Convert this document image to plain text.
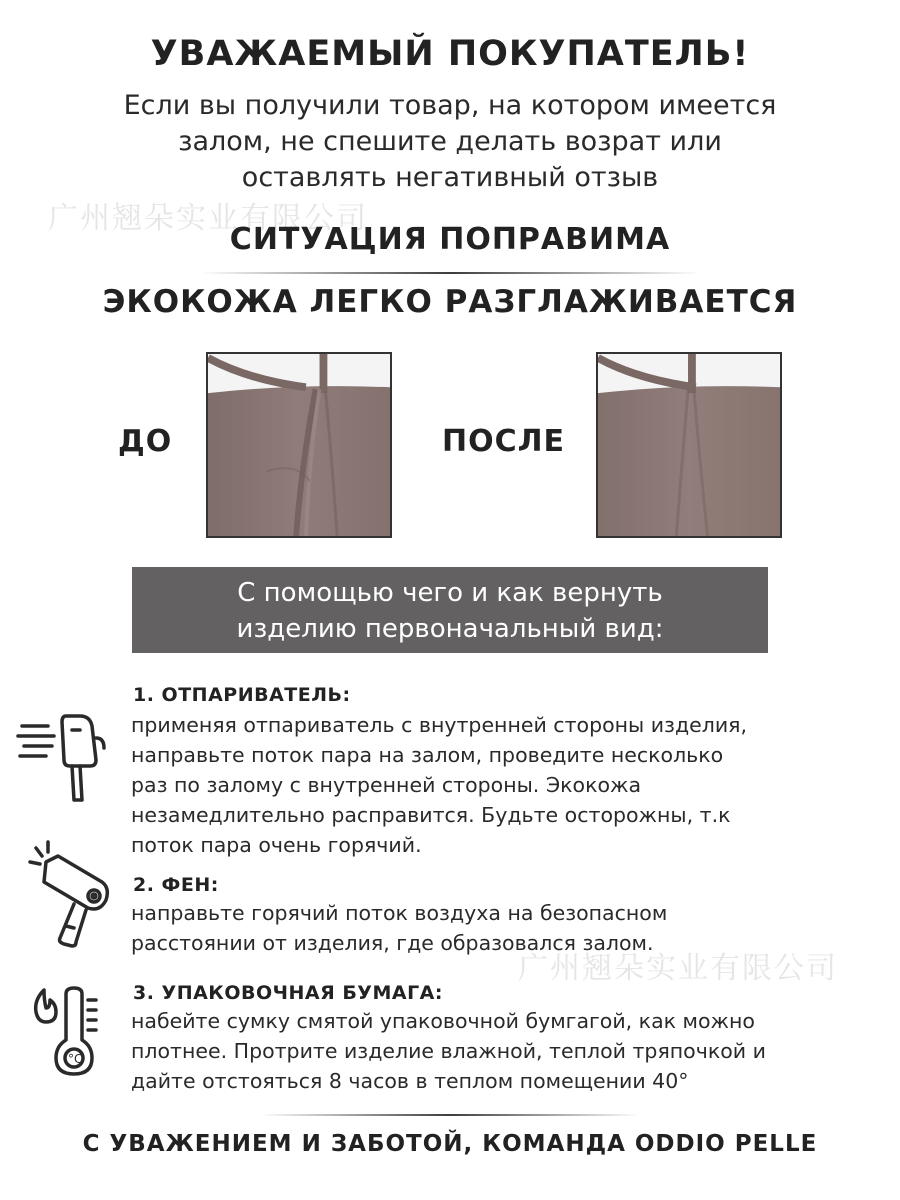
广州翘朵实业有限公司
广州翘朵实业有限公司
УВАЖАЕМЫЙ ПОКУПАТЕЛЬ!
Если вы получили товар, на котором имеется
залом, не спешите делать возрат или
оставлять негативный отзыв
СИТУАЦИЯ ПОПРАВИМА
ЭКОКОЖА ЛЕГКО РАЗГЛАЖИВАЕТСЯ
ДО	ПОСЛЕ
С помощью чего и как вернуть
изделию первоначальный вид:
1. ОТПАРИВАТЕЛЬ:
применяя отпариватель с внутренней стороны изделия,
направьте поток пара на залом, проведите несколько
раз по залому с внутренней стороны. Экокожа
незамедлительно расправится. Будьте осторожны, т.к
поток пара очень горячий.
2. ФЕН:
направьте горячий поток воздуха на безопасном
расстоянии от изделия, где образовался залом.
°C
3. УПАКОВОЧНАЯ БУМАГА:
набейте сумку смятой упаковочной бумгагой, как можно
плотнее. Протрите изделие влажной, теплой тряпочкой и
дайте отстояться 8 часов в теплом помещении 40°
С УВАЖЕНИЕМ И ЗАБОТОЙ, КОМАНДА ODDIO PELLE
